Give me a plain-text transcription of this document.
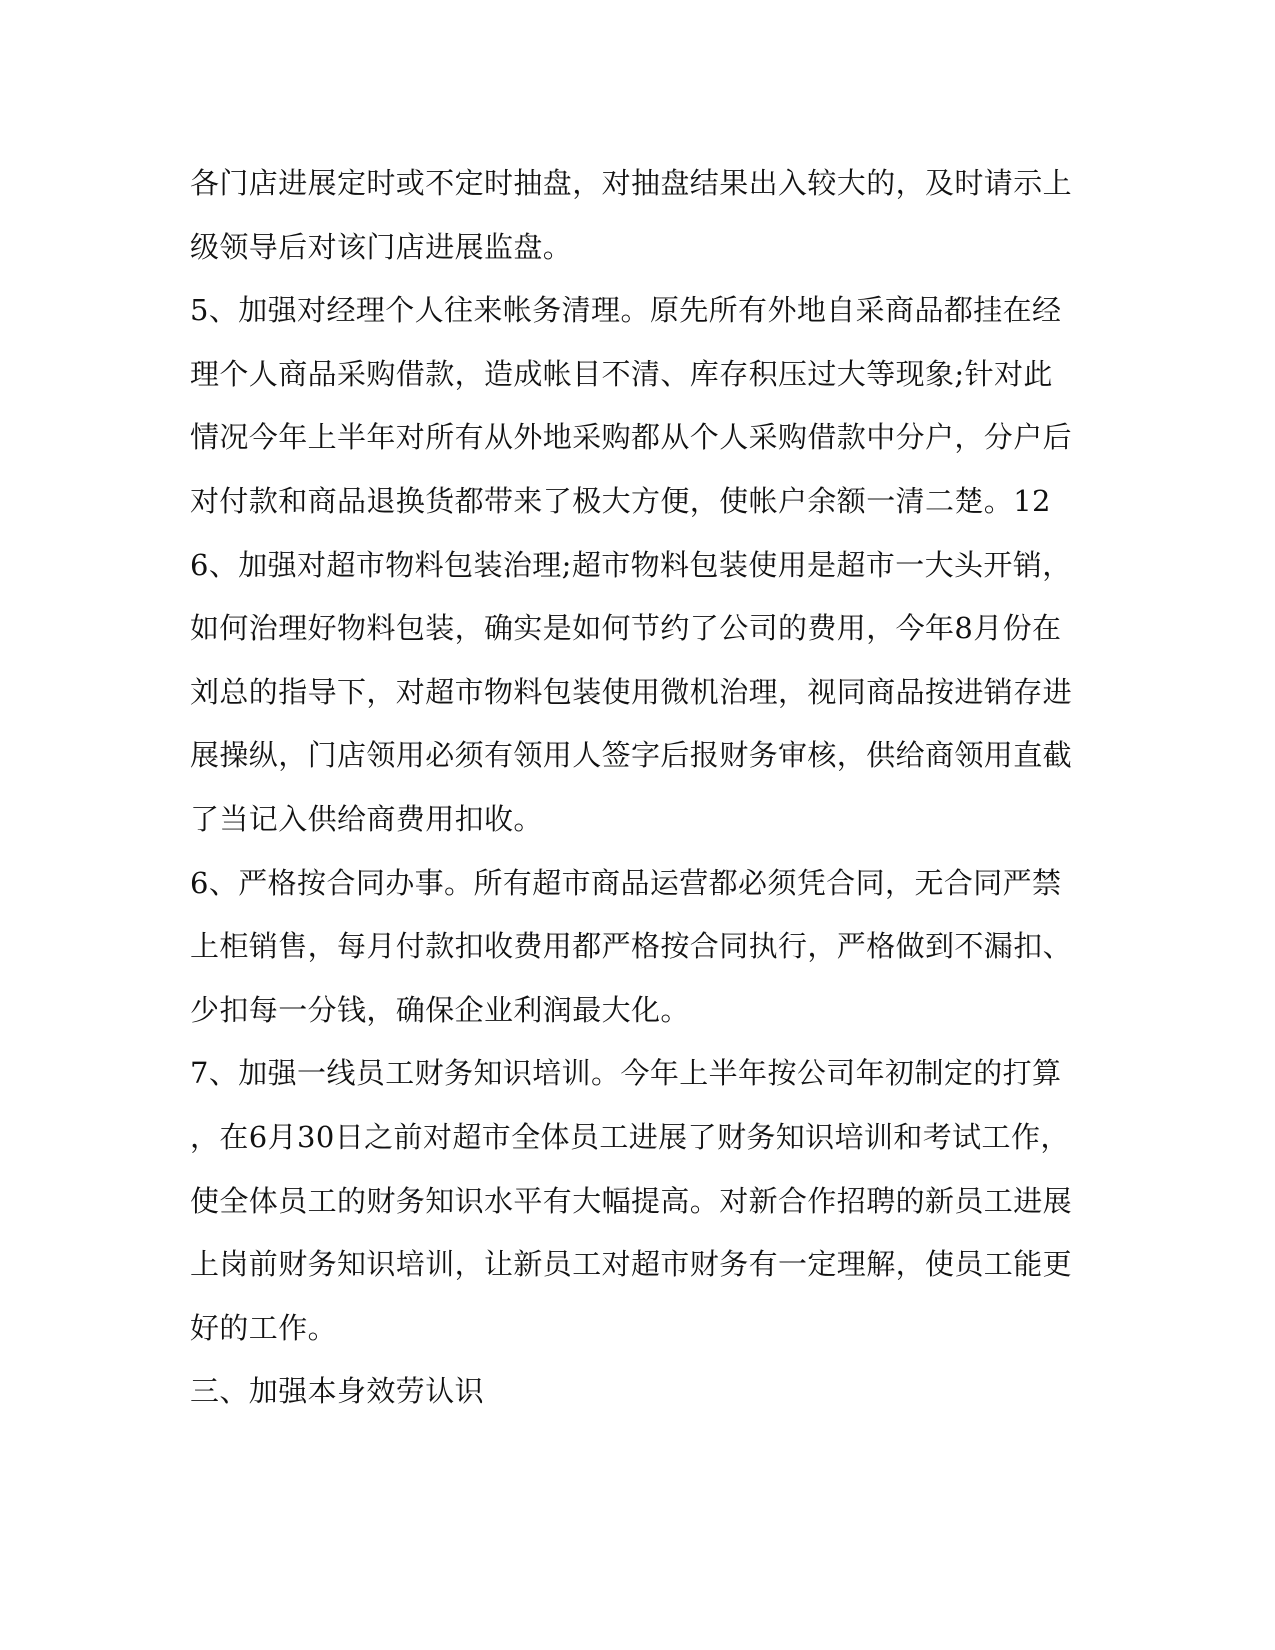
各门店进展定时或不定时抽盘，对抽盘结果出入较大的，及时请示上
级领导后对该门店进展监盘。
5、加强对经理个人往来帐务清理。原先所有外地自采商品都挂在经
理个人商品采购借款，造成帐目不清、库存积压过大等现象;针对此
情况今年上半年对所有从外地采购都从个人采购借款中分户，分户后
对付款和商品退换货都带来了极大方便，使帐户余额一清二楚。12
6、加强对超市物料包装治理;超市物料包装使用是超市一大头开销，
如何治理好物料包装，确实是如何节约了公司的费用，今年8月份在
刘总的指导下，对超市物料包装使用微机治理，视同商品按进销存进
展操纵，门店领用必须有领用人签字后报财务审核，供给商领用直截
了当记入供给商费用扣收。
6、严格按合同办事。所有超市商品运营都必须凭合同，无合同严禁
上柜销售，每月付款扣收费用都严格按合同执行，严格做到不漏扣、
少扣每一分钱，确保企业利润最大化。
7、加强一线员工财务知识培训。今年上半年按公司年初制定的打算
，在6月30日之前对超市全体员工进展了财务知识培训和考试工作，
使全体员工的财务知识水平有大幅提高。对新合作招聘的新员工进展
上岗前财务知识培训，让新员工对超市财务有一定理解，使员工能更
好的工作。
三、加强本身效劳认识
